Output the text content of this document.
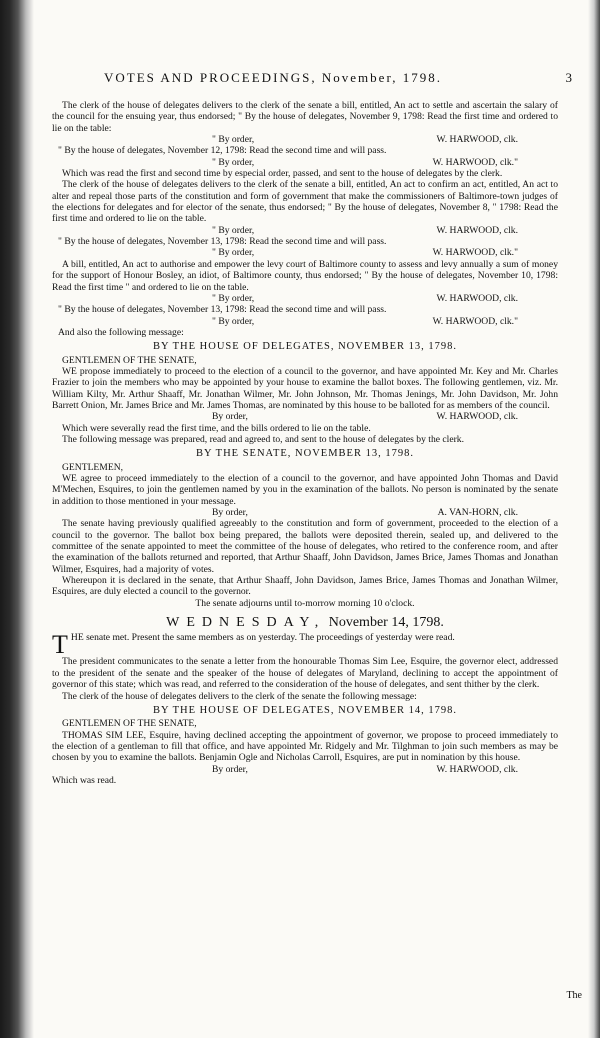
VOTES AND PROCEEDINGS, November, 1798.	3

The clerk of the house of delegates delivers to the clerk of the senate a bill, entitled, An act to settle and ascertain the salary of the council for the ensuing year, thus endorsed; " By the house of delegates, November 9, 1798: Read the first time and ordered to lie on the table:

" By order,	W. HARWOOD, clk.

" By the house of delegates, November 12, 1798: Read the second time and will pass.

" By order,	W. HARWOOD, clk."

Which was read the first and second time by especial order, passed, and sent to the house of delegates by the clerk.

The clerk of the house of delegates delivers to the clerk of the senate a bill, entitled, An act to confirm an act, entitled, An act to alter and repeal those parts of the constitution and form of government that make the commissioners of Baltimore-town judges of the elections for delegates and for elector of the senate, thus endorsed; " By the house of delegates, November 8, " 1798: Read the first time and ordered to lie on the table.

" By order,	W. HARWOOD, clk.

" By the house of delegates, November 13, 1798: Read the second time and will pass.

" By order,	W. HARWOOD, clk."

A bill, entitled, An act to authorise and empower the levy court of Baltimore county to assess and levy annually a sum of money for the support of Honour Bosley, an idiot, of Baltimore county, thus endorsed; " By the house of delegates, November 10, 1798: Read the first time " and ordered to lie on the table.

" By order,	W. HARWOOD, clk.

" By the house of delegates, November 13, 1798: Read the second time and will pass.

" By order,	W. HARWOOD, clk."

And also the following message:

BY THE HOUSE OF DELEGATES, NOVEMBER 13, 1798.

GENTLEMEN OF THE SENATE,

WE propose immediately to proceed to the election of a council to the governor, and have appointed Mr. Key and Mr. Charles Frazier to join the members who may be appointed by your house to examine the ballot boxes. The following gentlemen, viz. Mr. William Kilty, Mr. Arthur Shaaff, Mr. Jonathan Wilmer, Mr. John Johnson, Mr. Thomas Jenings, Mr. John Davidson, Mr. John Barrett Onion, Mr. James Brice and Mr. James Thomas, are nominated by this house to be balloted for as members of the council.

By order,	W. HARWOOD, clk.

Which were severally read the first time, and the bills ordered to lie on the table.

The following message was prepared, read and agreed to, and sent to the house of delegates by the clerk.

BY THE SENATE, NOVEMBER 13, 1798.

GENTLEMEN,

WE agree to proceed immediately to the election of a council to the governor, and have appointed John Thomas and David M'Mechen, Esquires, to join the gentlemen named by you in the examination of the ballots. No person is nominated by the senate in addition to those mentioned in your message.

By order,	A. VAN-HORN, clk.

The senate having previously qualified agreeably to the constitution and form of government, proceeded to the election of a council to the governor. The ballot box being prepared, the ballots were deposited therein, sealed up, and delivered to the committee of the senate appointed to meet the committee of the house of delegates, who retired to the conference room, and after the examination of the ballots returned and reported, that Arthur Shaaff, John Davidson, James Brice, James Thomas and Jonathan Wilmer, Esquires, had a majority of votes.

Whereupon it is declared in the senate, that Arthur Shaaff, John Davidson, James Brice, James Thomas and Jonathan Wilmer, Esquires, are duly elected a council to the governor.

The senate adjourns until to-morrow morning 10 o'clock.

WEDNESDAY, November 14, 1798.

THE senate met. Present the same members as on yesterday. The proceedings of yesterday were read.

The president communicates to the senate a letter from the honourable Thomas Sim Lee, Esquire, the governor elect, addressed to the president of the senate and the speaker of the house of delegates of Maryland, declining to accept the appointment of governor of this state; which was read, and referred to the consideration of the house of delegates, and sent thither by the clerk.

The clerk of the house of delegates delivers to the clerk of the senate the following message:

BY THE HOUSE OF DELEGATES, NOVEMBER 14, 1798.

GENTLEMEN OF THE SENATE,

THOMAS SIM LEE, Esquire, having declined accepting the appointment of governor, we propose to proceed immediately to the election of a gentleman to fill that office, and have appointed Mr. Ridgely and Mr. Tilghman to join such members as may be chosen by you to examine the ballots. Benjamin Ogle and Nicholas Carroll, Esquires, are put in nomination by this house.

By order,	W. HARWOOD, clk.

Which was read.

The
